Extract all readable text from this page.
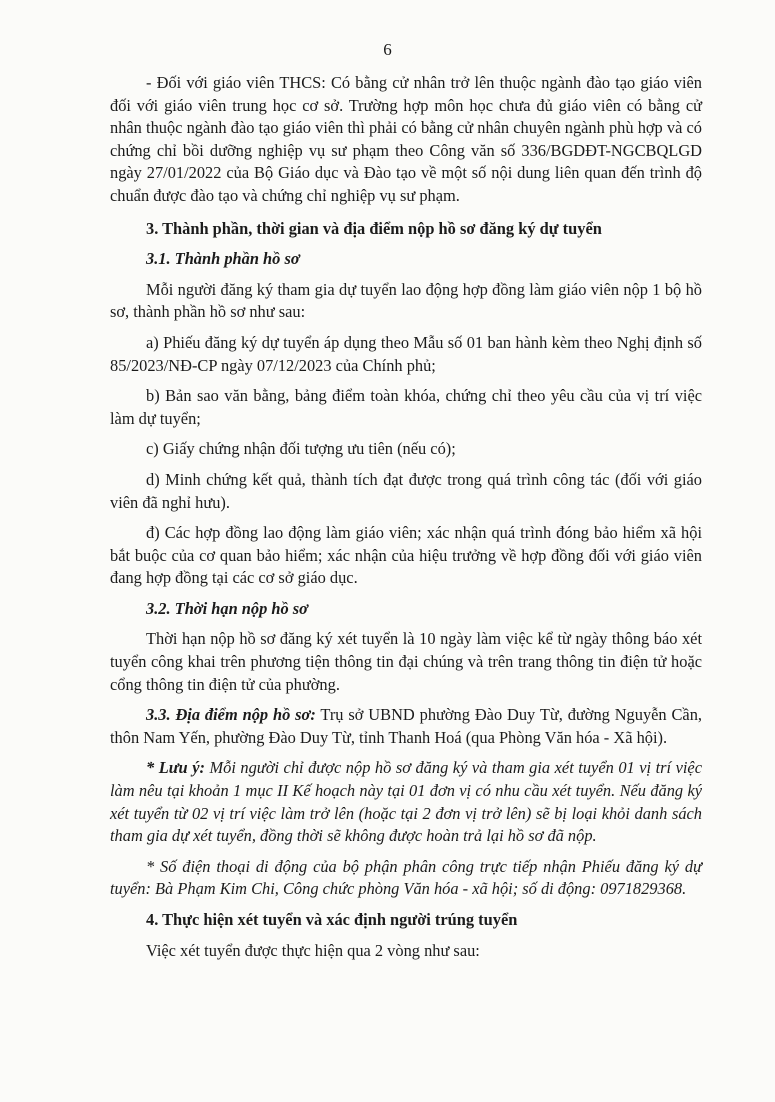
6

- Đối với giáo viên THCS: Có bằng cử nhân trở lên thuộc ngành đào tạo giáo viên đối với giáo viên trung học cơ sở. Trường hợp môn học chưa đủ giáo viên có bằng cử nhân thuộc ngành đào tạo giáo viên thì phải có bằng cử nhân chuyên ngành phù hợp và có chứng chỉ bồi dưỡng nghiệp vụ sư phạm theo Công văn số 336/BGDĐT-NGCBQLGD ngày 27/01/2022 của Bộ Giáo dục và Đào tạo về một số nội dung liên quan đến trình độ chuẩn được đào tạo và chứng chỉ nghiệp vụ sư phạm.

3. Thành phần, thời gian và địa điểm nộp hồ sơ đăng ký dự tuyển

3.1. Thành phần hồ sơ

Mỗi người đăng ký tham gia dự tuyển lao động hợp đồng làm giáo viên nộp 1 bộ hồ sơ, thành phần hồ sơ như sau:

a) Phiếu đăng ký dự tuyển áp dụng theo Mẫu số 01 ban hành kèm theo Nghị định số 85/2023/NĐ-CP ngày 07/12/2023 của Chính phủ;

b) Bản sao văn bằng, bảng điểm toàn khóa, chứng chỉ theo yêu cầu của vị trí việc làm dự tuyển;

c) Giấy chứng nhận đối tượng ưu tiên (nếu có);

d) Minh chứng kết quả, thành tích đạt được trong quá trình công tác (đối với giáo viên đã nghỉ hưu).

đ) Các hợp đồng lao động làm giáo viên; xác nhận quá trình đóng bảo hiểm xã hội bắt buộc của cơ quan bảo hiểm; xác nhận của hiệu trưởng về hợp đồng đối với giáo viên đang hợp đồng tại các cơ sở giáo dục.

3.2. Thời hạn nộp hồ sơ

Thời hạn nộp hồ sơ đăng ký xét tuyển là 10 ngày làm việc kể từ ngày thông báo xét tuyển công khai trên phương tiện thông tin đại chúng và trên trang thông tin điện tử hoặc cổng thông tin điện tử của phường.

3.3. Địa điểm nộp hồ sơ: Trụ sở UBND phường Đào Duy Từ, đường Nguyễn Cần, thôn Nam Yến, phường Đào Duy Từ, tỉnh Thanh Hoá (qua Phòng Văn hóa - Xã hội).

* Lưu ý: Mỗi người chỉ được nộp hồ sơ đăng ký và tham gia xét tuyển 01 vị trí việc làm nêu tại khoản 1 mục II Kế hoạch này tại 01 đơn vị có nhu cầu xét tuyển. Nếu đăng ký xét tuyển từ 02 vị trí việc làm trở lên (hoặc tại 2 đơn vị trở lên) sẽ bị loại khỏi danh sách tham gia dự xét tuyển, đồng thời sẽ không được hoàn trả lại hồ sơ đã nộp.

* Số điện thoại di động của bộ phận phân công trực tiếp nhận Phiếu đăng ký dự tuyển: Bà Phạm Kim Chi, Công chức phòng Văn hóa - xã hội; số di động: 0971829368.

4. Thực hiện xét tuyển và xác định người trúng tuyển

Việc xét tuyển được thực hiện qua 2 vòng như sau:
